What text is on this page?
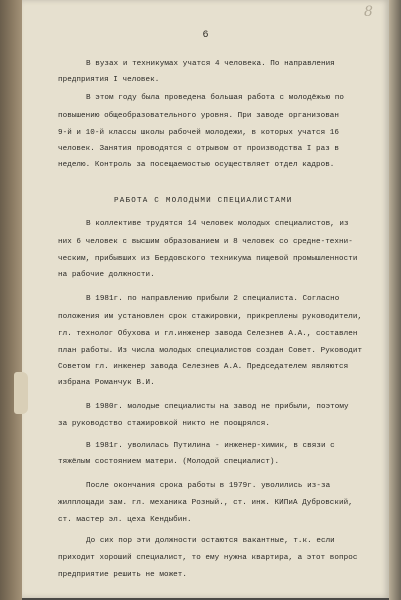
8
6

В вузах и техникумах учатся 4 человека. По направления

предприятия I человек.

В этом году была проведена большая работа с молодёжью по

повышению общеобразовательного уровня. При заводе организован

9-й и 10-й классы школы рабочей молодежи, в которых учатся 16

человек. Занятия проводятся с отрывом от производства I раз в

неделю. Контроль за посещаемостью осуществляет отдел кадров.

РАБОТА С МОЛОДЫМИ СПЕЦИАЛИСТАМИ

В коллективе трудятся 14 человек молодых специалистов, из

них 6 человек с высшим образованием и 8 человек со средне-техни-

ческим, прибывших из Бердовского техникума пищевой промышленности

на рабочие должности.

В 1981г. по направлению прибыли 2 специалиста. Согласно

положения им установлен срок стажировки, прикреплены руководители,

гл. технолог Обухова и гл.инженер завода Селезнев А.А., составлен

план работы. Из числа молодых специалистов создан Совет. Руководит

Советом гл. инженер завода Селезнев А.А. Председателем являются

избрана Романчук В.И.

В 1980г. молодые специалисты на завод не прибыли, поэтому

за руководство стажировкой никто не поощрялся.

В 1981г. уволилась Путилина - инженер-химик, в связи с

тяжёлым состоянием матери. (Молодой специалист).

После окончания срока работы в 1979г. уволились из-за

жилплощади зам. гл. механика Розный., ст. инж. КИПиА Дубровский,

ст. мастер эл. цеха Кендыбин.

До сих пор эти должности остаются вакантные, т.к. если

приходит хороший специалист, то ему нужна квартира, а этот вопрос

предприятие решить не может.
